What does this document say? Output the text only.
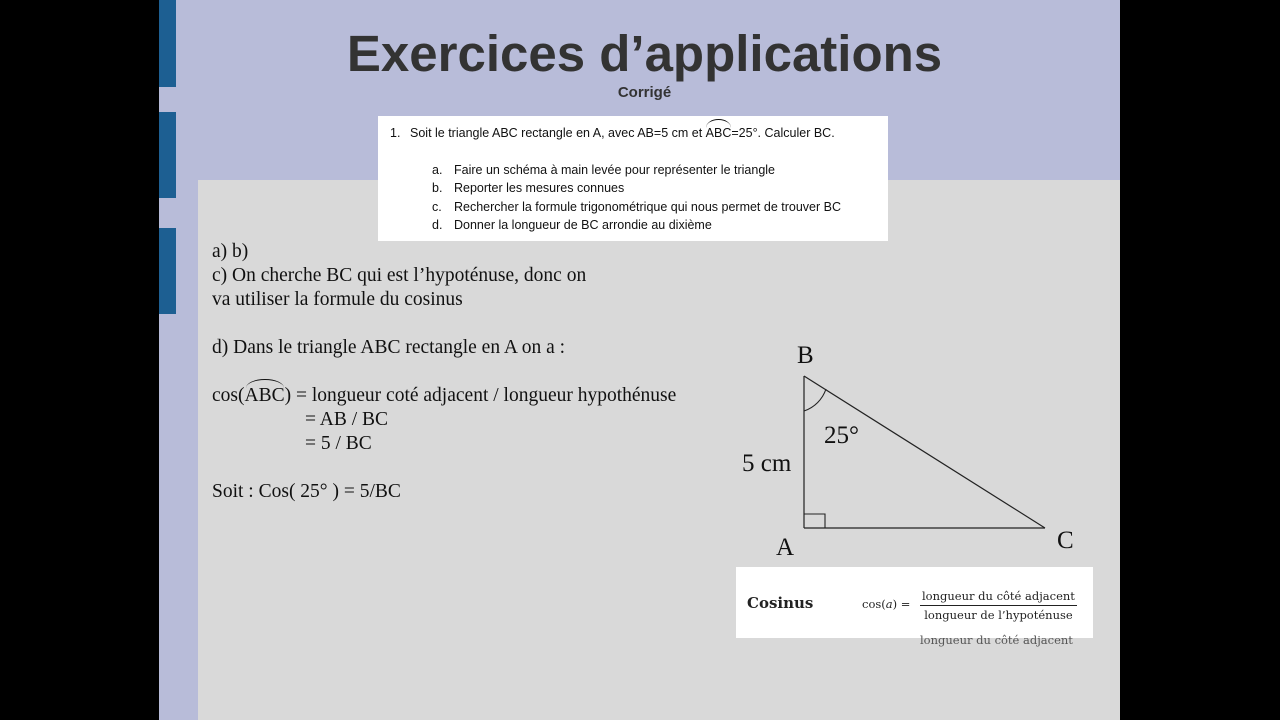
Exercices d’applications
Corrigé
1. Soit le triangle ABC rectangle en A, avec AB=5 cm et ABC=25°. Calculer BC.
a. Faire un schéma à main levée pour représenter le triangle
b. Reporter les mesures connues
c. Rechercher la formule trigonométrique qui nous permet de trouver BC
d. Donner la longueur de BC arrondie au dixième
a) b)
c) On cherche BC qui est l’hypoténuse, donc on
va utiliser la formule du cosinus
d) Dans le triangle ABC rectangle en A on a :
cos(ABC) = longueur coté adjacent / longueur hypothénuse
= AB / BC
= 5 / BC
Soit : Cos( 25° ) = 5/BC
B
A	C
25°
5 cm
Cosinus	cos(a) =
longueur du côté adjacent
longueur de l’hypoténuse
longueur du côté adjacent
